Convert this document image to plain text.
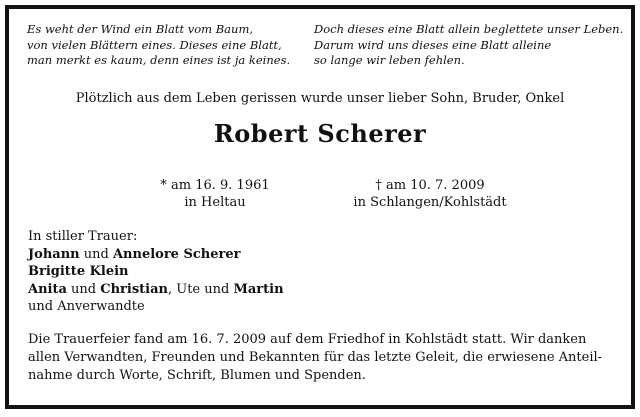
Es weht der Wind ein Blatt vom Baum,
von vielen Blättern eines. Dieses eine Blatt,
man merkt es kaum, denn eines ist ja keines.
Doch dieses eine Blatt allein beglettete unser Leben.
Darum wird uns dieses eine Blatt alleine
so lange wir leben fehlen.
Plötzlich aus dem Leben gerissen wurde unser lieber Sohn, Bruder, Onkel
Robert Scherer
* am 16. 9. 1961
in Heltau
† am 10. 7. 2009
in Schlangen/Kohlstädt
In stiller Trauer:
Johann und Annelore Scherer
Brigitte Klein
Anita und Christian, Ute und Martin
und Anverwandte
Die Trauerfeier fand am 16. 7. 2009 auf dem Friedhof in Kohlstädt statt. Wir danken
allen Verwandten, Freunden und Bekannten für das letzte Geleit, die erwiesene Anteil-
nahme durch Worte, Schrift, Blumen und Spenden.
